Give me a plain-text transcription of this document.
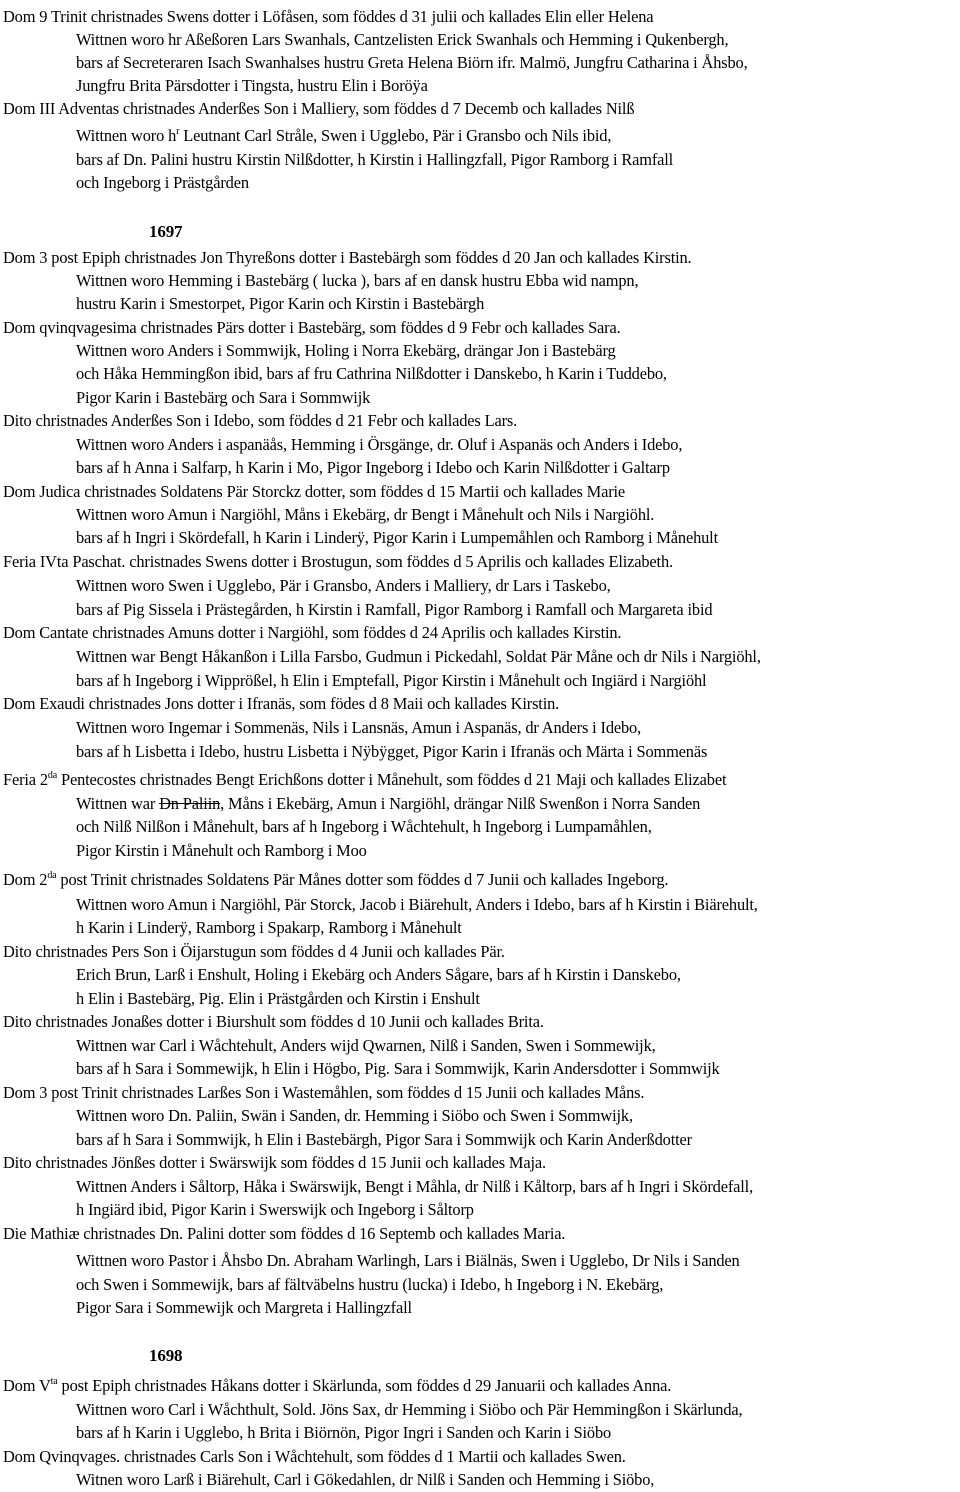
Dom 9 Trinit christnades Swens dotter i Löfåsen, som föddes d 31 julii och kallades Elin eller Helena
Wittnen woro hr Aßeßoren Lars Swanhals, Cantzelisten Erick Swanhals och Hemming i Qukenbergh,
bars af Secreteraren Isach Swanhalses hustru Greta Helena Biörn ifr. Malmö, Jungfru Catharina i Åhsbo,
Jungfru Brita Pärsdotter i Tingsta, hustru Elin i Boröÿa
Dom III Adventas christnades Anderßes Son i Malliery, som föddes d 7 Decemb och kallades Nilß
Wittnen woro $h^r$ Leutnant Carl Stråle, Swen i Ugglebo, Pär i Gransbo och Nils ibid,
bars af Dn. Palini hustru Kirstin Nilßdotter, h Kirstin i Hallingzfall, Pigor Ramborg i Ramfall
och Ingeborg i Prästgården
1697
Dom 3 post Epiph christnades Jon Thyreßons dotter i Bastebärgh som föddes d 20 Jan och kallades Kirstin.
Wittnen woro Hemming i Bastebärg ( lucka ), bars af en dansk hustru Ebba wid nampn,
hustru Karin i Smestorpet, Pigor Karin och Kirstin i Bastebärgh
Dom qvinqvagesima christnades Pärs dotter i Bastebärg, som föddes d 9 Febr och kallades Sara.
Wittnen woro Anders i Sommwijk, Holing i Norra Ekebärg, drängar Jon i Bastebärg
och Håka Hemmingßon ibid, bars af fru Cathrina Nilßdotter i Danskebo, h Karin i Tuddebo,
Pigor Karin i Bastebärg och Sara i Sommwijk
Dito christnades Anderßes Son i Idebo, som föddes d 21 Febr och kallades Lars.
Wittnen woro Anders i aspanäås, Hemming i Örsgänge, dr. Oluf i Aspanäs och Anders i Idebo,
bars af h Anna i Salfarp, h Karin i Mo, Pigor Ingeborg i Idebo och Karin Nilßdotter i Galtarp
Dom Judica christnades Soldatens Pär Storckz dotter, som föddes d 15 Martii och kallades Marie
Wittnen woro Amun i Nargiöhl, Måns i Ekebärg, dr Bengt i Månehult och Nils i Nargiöhl.
bars af h Ingri i Skördefall, h Karin i Linderÿ, Pigor Karin i Lumpemåhlen och Ramborg i Månehult
Feria IVta Paschat. christnades Swens dotter i Brostugun, som föddes d 5 Aprilis och kallades Elizabeth.
Wittnen woro Swen i Ugglebo, Pär i Gransbo, Anders i Malliery, dr Lars i Taskebo,
bars af Pig Sissela i Prästegården, h Kirstin i Ramfall, Pigor Ramborg i Ramfall och Margareta ibid
Dom Cantate christnades Amuns dotter i Nargiöhl, som föddes d 24 Aprilis och kallades Kirstin.
Wittnen war Bengt Håkanßon i Lilla Farsbo, Gudmun i Pickedahl, Soldat Pär Måne och dr Nils i Nargiöhl,
bars af h Ingeborg i Wipprößel, h Elin i Emptefall, Pigor Kirstin i Månehult och Ingiärd i Nargiöhl
Dom Exaudi christnades Jons dotter i Ifranäs, som födes d 8 Maii och kallades Kirstin.
Wittnen woro Ingemar i Sommenäs, Nils i Lansnäs, Amun i Aspanäs, dr Anders i Idebo,
bars af h Lisbetta i Idebo, hustru Lisbetta i Nÿbÿgget, Pigor Karin i Ifranäs och Märta i Sommenäs
Feria $2^{da}$ Pentecostes christnades Bengt Erichßons dotter i Månehult, som föddes d 21 Maji och kallades Elizabet
Wittnen war Dn Paliin, Måns i Ekebärg, Amun i Nargiöhl, drängar Nilß Swenßon i Norra Sanden
och Nilß Nilßon i Månehult, bars af h Ingeborg i Wåchtehult, h Ingeborg i Lumpamåhlen,
Pigor Kirstin i Månehult och Ramborg i Moo
Dom $2^{da}$ post Trinit christnades Soldatens Pär Månes dotter som föddes d 7 Junii och kallades Ingeborg.
Wittnen woro Amun i Nargiöhl, Pär Storck, Jacob i Biärehult, Anders i Idebo, bars af h Kirstin i Biärehult,
h Karin i Linderÿ, Ramborg i Spakarp, Ramborg i Månehult
Dito christnades Pers Son i Öijarstugun som föddes d 4 Junii och kallades Pär.
Erich Brun, Larß i Enshult, Holing i Ekebärg och Anders Sågare, bars af h Kirstin i Danskebo,
h Elin i Bastebärg, Pig. Elin i Prästgården och Kirstin i Enshult
Dito christnades Jonaßes dotter i Biurshult som föddes d 10 Junii och kallades Brita.
Wittnen war Carl i Wåchtehult, Anders wijd Qwarnen, Nilß i Sanden, Swen i Sommewijk,
bars af h Sara i Sommewijk, h Elin i Högbo, Pig. Sara i Sommwijk, Karin Andersdotter i Sommwijk
Dom 3 post Trinit christnades Larßes Son i Wastemåhlen, som föddes d 15 Junii och kallades Måns.
Wittnen woro Dn. Paliin, Swän i Sanden, dr. Hemming i Siöbo och Swen i Sommwijk,
bars af h Sara i Sommwijk, h Elin i Bastebärgh, Pigor Sara i Sommwijk och Karin Anderßdotter
Dito christnades Jönßes dotter i Swärswijk som föddes d 15 Junii och kallades Maja.
Wittnen Anders i Såltorp, Håka i Swärswijk, Bengt i Måhla, dr Nilß i Kåltorp, bars af h Ingri i Skördefall,
h Ingiärd ibid, Pigor Karin i Swerswijk och Ingeborg i Såltorp
Die Mathiæ christnades Dn. Palini dotter som föddes d 16 Septemb och kallades Maria.
Wittnen woro Pastor i Åhsbo Dn. Abraham Warlingh, Lars i Biälnäs, Swen i Ugglebo, Dr Nils i Sanden
och Swen i Sommewijk, bars af fältväbelns hustru (lucka) i Idebo, h Ingeborg i N. Ekebärg,
Pigor Sara i Sommewijk och Margreta i Hallingzfall
1698
Dom $V^{ta}$ post Epiph christnades Håkans dotter i Skärlunda, som föddes d 29 Januarii och kallades Anna.
Wittnen woro Carl i Wåchthult, Sold. Jöns Sax, dr Hemming i Siöbo och Pär Hemmingßon i Skärlunda,
bars af h Karin i Ugglebo, h Brita i Biörnön, Pigor Ingri i Sanden och Karin i Siöbo
Dom Qvinqvages. christnades Carls Son i Wåchtehult, som föddes d 1 Martii och kallades Swen.
Witnen woro Larß i Biärehult, Carl i Gökedahlen, dr Nilß i Sanden och Hemming i Siöbo,
